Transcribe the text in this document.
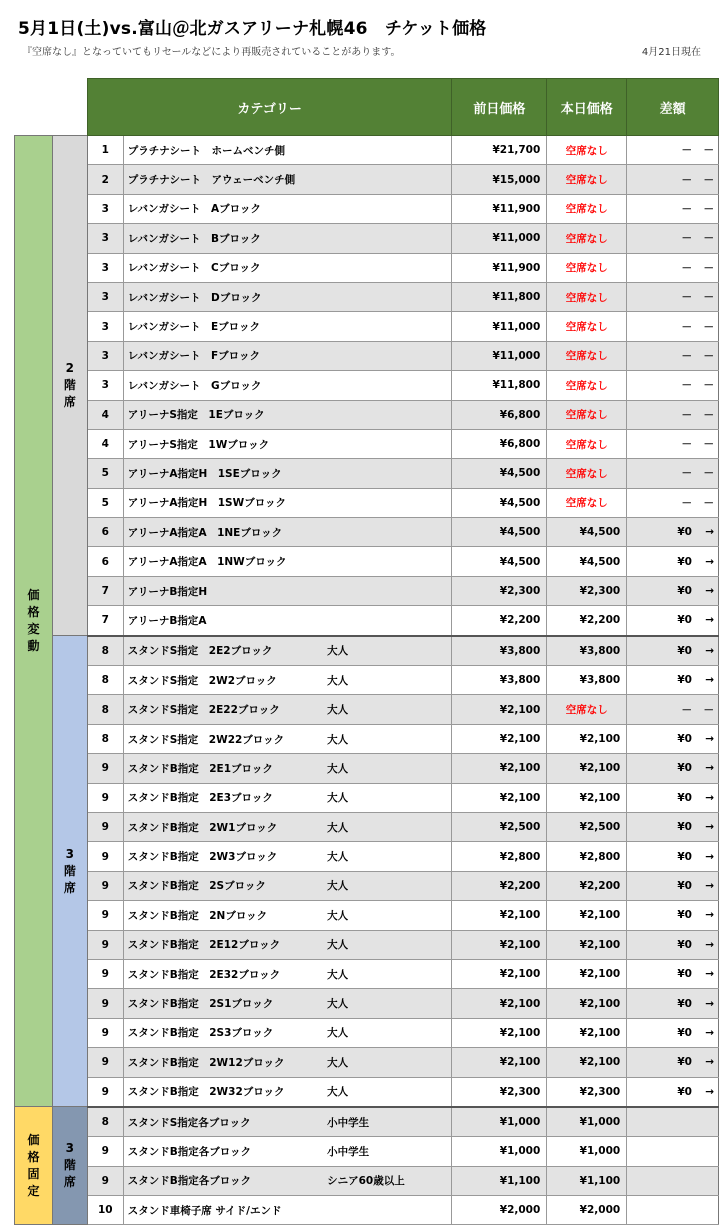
5月1日(土)vs.富山＠北ガスアリーナ札幌46　チケット価格
『空席なし』となっていてもリセールなどにより再販売されていることがあります。	4月21日現在
		カテゴリー			前日価格	本日価格	差額
価格変動	2階席	1	プラチナシート　ホームベンチ側		¥21,700	空席なし	－ －

		2	プラチナシート　アウェーベンチ側		¥15,000	空席なし	－ －

		3	レバンガシート　Aブロック		¥11,900	空席なし	－ －

		3	レバンガシート　Bブロック		¥11,000	空席なし	－ －

		3	レバンガシート　Cブロック		¥11,900	空席なし	－ －

		3	レバンガシート　Dブロック		¥11,800	空席なし	－ －

		3	レバンガシート　Eブロック		¥11,000	空席なし	－ －

		3	レバンガシート　Fブロック		¥11,000	空席なし	－ －

		3	レバンガシート　Gブロック		¥11,800	空席なし	－ －

		4	アリーナS指定　1Eブロック		¥6,800	空席なし	－ －

		4	アリーナS指定　1Wブロック		¥6,800	空席なし	－ －

		5	アリーナA指定H　1SEブロック		¥4,500	空席なし	－ －

		5	アリーナA指定H　1SWブロック		¥4,500	空席なし	－ －

		6	アリーナA指定A　1NEブロック		¥4,500	¥4,500	¥0 →

		6	アリーナA指定A　1NWブロック		¥4,500	¥4,500	¥0 →

		7	アリーナB指定H		¥2,300	¥2,300	¥0 →

		7	アリーナB指定A		¥2,200	¥2,200	¥0 →

	3階席	8	スタンドS指定　2E2ブロック	大人	¥3,800	¥3,800	¥0 →

		8	スタンドS指定　2W2ブロック	大人	¥3,800	¥3,800	¥0 →

		8	スタンドS指定　2E22ブロック	大人	¥2,100	空席なし	－ －

		8	スタンドS指定　2W22ブロック	大人	¥2,100	¥2,100	¥0 →

		9	スタンドB指定　2E1ブロック	大人	¥2,100	¥2,100	¥0 →

		9	スタンドB指定　2E3ブロック	大人	¥2,100	¥2,100	¥0 →

		9	スタンドB指定　2W1ブロック	大人	¥2,500	¥2,500	¥0 →

		9	スタンドB指定　2W3ブロック	大人	¥2,800	¥2,800	¥0 →

		9	スタンドB指定　2Sブロック	大人	¥2,200	¥2,200	¥0 →

		9	スタンドB指定　2Nブロック	大人	¥2,100	¥2,100	¥0 →

		9	スタンドB指定　2E12ブロック	大人	¥2,100	¥2,100	¥0 →

		9	スタンドB指定　2E32ブロック	大人	¥2,100	¥2,100	¥0 →

		9	スタンドB指定　2S1ブロック	大人	¥2,100	¥2,100	¥0 →

		9	スタンドB指定　2S3ブロック	大人	¥2,100	¥2,100	¥0 →

		9	スタンドB指定　2W12ブロック	大人	¥2,100	¥2,100	¥0 →

		9	スタンドB指定　2W32ブロック	大人	¥2,300	¥2,300	¥0 →

価格固定	3階席	8	スタンドS指定各ブロック	小中学生	¥1,000	¥1,000	

		9	スタンドB指定各ブロック	小中学生	¥1,000	¥1,000	

		9	スタンドB指定各ブロック	シニア60歳以上	¥1,100	¥1,100	

		10	スタンド車椅子席 サイド/エンド		¥2,000	¥2,000	
